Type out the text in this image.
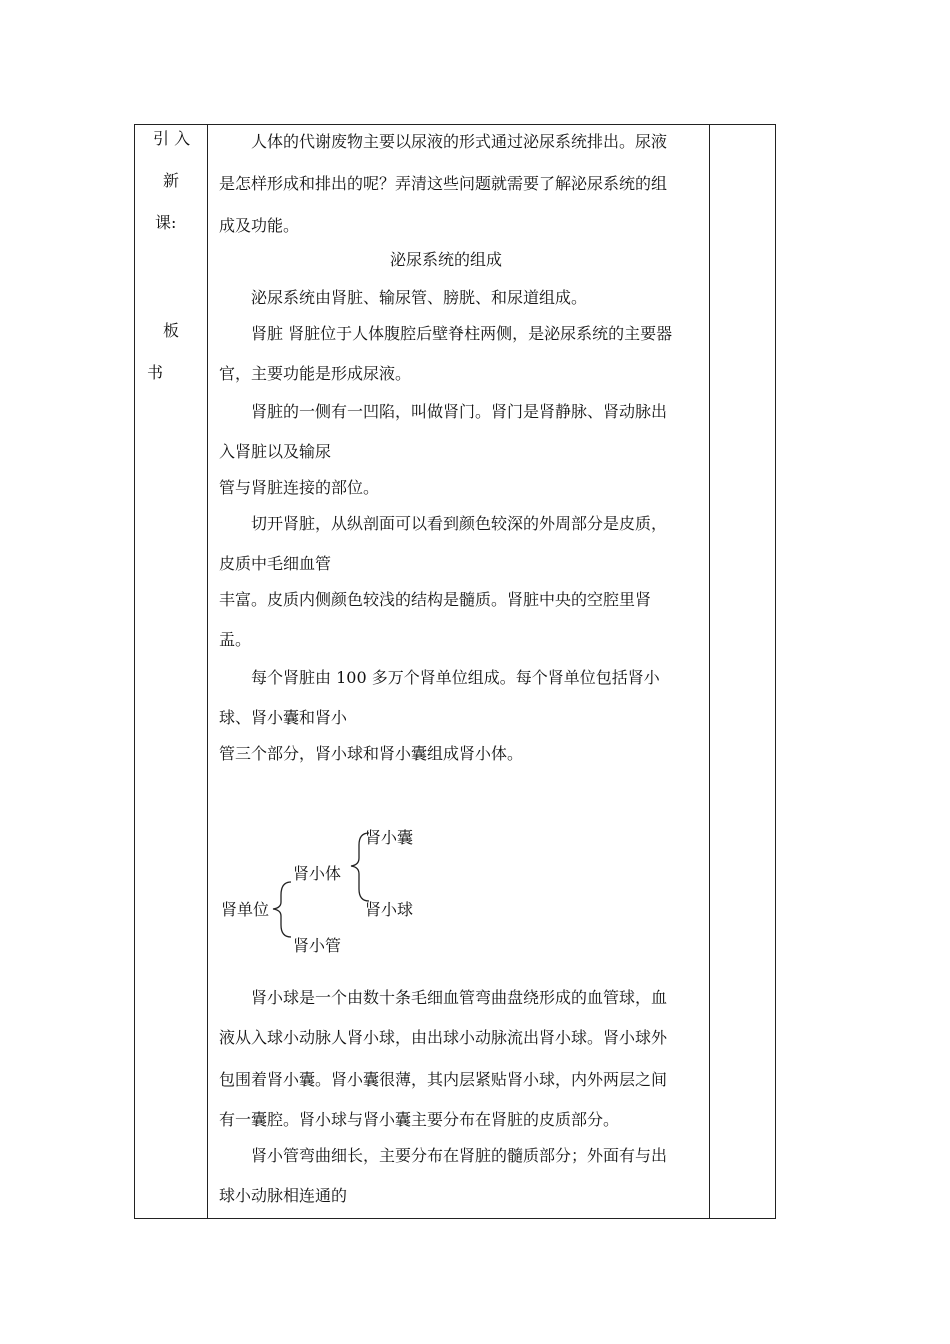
引 入
新
课:
板
书
人体的代谢废物主要以尿液的形式通过泌尿系统排出。尿液
是怎样形成和排出的呢？弄清这些问题就需要了解泌尿系统的组
成及功能。
泌尿系统的组成
泌尿系统由肾脏、输尿管、膀胱、和尿道组成。
肾脏 肾脏位于人体腹腔后壁脊柱两侧，是泌尿系统的主要器
官，主要功能是形成尿液。
肾脏的一侧有一凹陷，叫做肾门。肾门是肾静脉、肾动脉出
入肾脏以及输尿
管与肾脏连接的部位。
切开肾脏，从纵剖面可以看到颜色较深的外周部分是皮质，
皮质中毛细血管
丰富。皮质内侧颜色较浅的结构是髓质。肾脏中央的空腔里肾
盂。
每个肾脏由 100 多万个肾单位组成。每个肾单位包括肾小
球、肾小囊和肾小
管三个部分，肾小球和肾小囊组成肾小体。
肾小球是一个由数十条毛细血管弯曲盘绕形成的血管球，血
液从入球小动脉人肾小球，由出球小动脉流出肾小球。肾小球外
包围着肾小囊。肾小囊很薄，其内层紧贴肾小球，内外两层之间
有一囊腔。肾小球与肾小囊主要分布在肾脏的皮质部分。
肾小管弯曲细长，主要分布在肾脏的髓质部分；外面有与出
球小动脉相连通的
肾单位
肾小体
肾小管
肾小囊
肾小球
